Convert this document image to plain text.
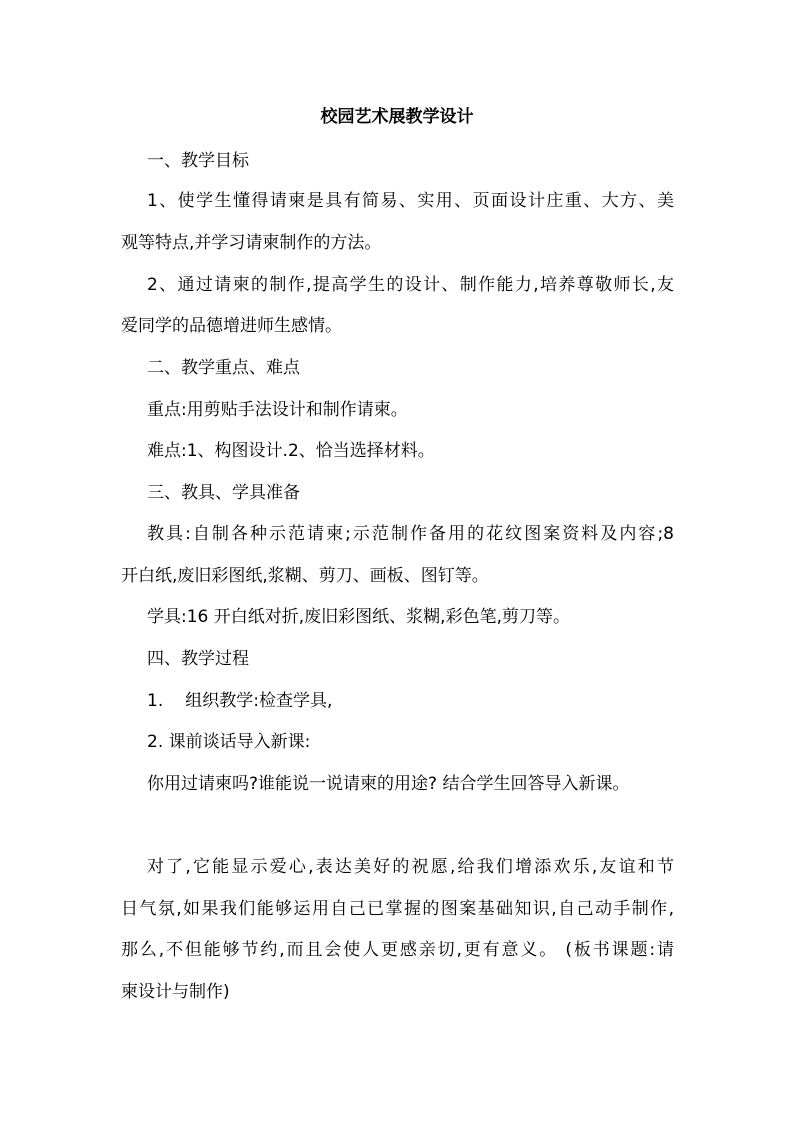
校园艺术展教学设计
一、教学目标
1、使学生懂得请柬是具有简易、实用、页面设计庄重、大方、美
观等特点,并学习请柬制作的方法。
2、通过请柬的制作,提高学生的设计、制作能力,培养尊敬师长,友
爱同学的品德增进师生感情。
二、教学重点、难点
重点:用剪贴手法设计和制作请柬。
难点:1、构图设计.2、恰当选择材料。
三、教具、学具准备
教具:自制各种示范请柬;示范制作备用的花纹图案资料及内容;8
开白纸,废旧彩图纸,浆糊、剪刀、画板、图钉等。
学具:16 开白纸对折,废旧彩图纸、浆糊,彩色笔,剪刀等。
四、教学过程
1. 组织教学:检查学具,
2. 课前谈话导入新课:
你用过请柬吗?谁能说一说请柬的用途? 结合学生回答导入新课。
对了,它能显示爱心,表达美好的祝愿,给我们增添欢乐,友谊和节
日气氛,如果我们能够运用自己已掌握的图案基础知识,自己动手制作,
那么,不但能够节约,而且会使人更感亲切,更有意义。 (板书课题:请
柬设计与制作)
